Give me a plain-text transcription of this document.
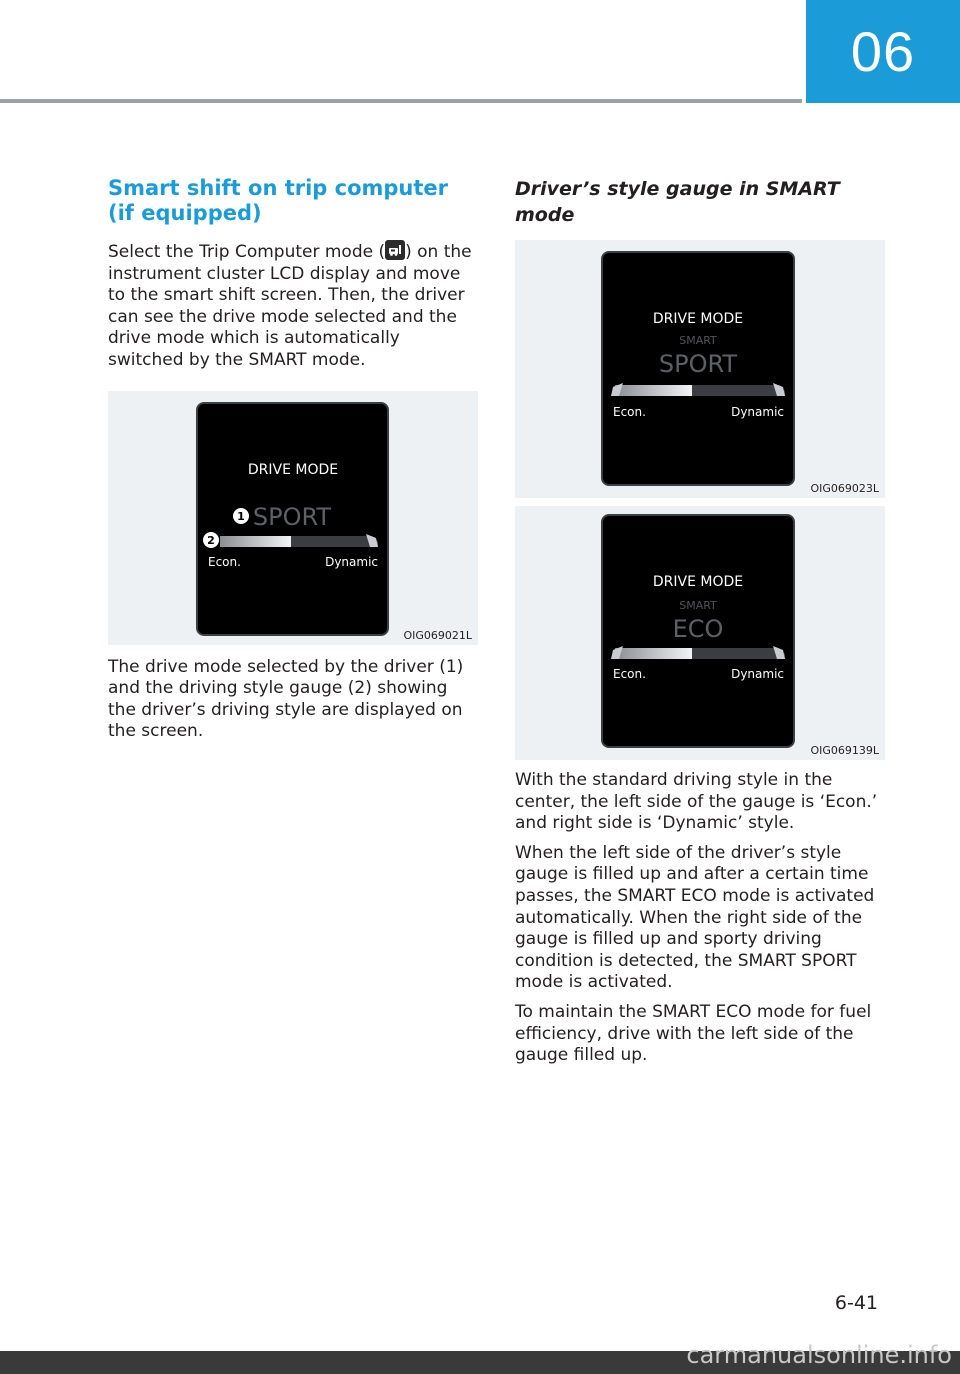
06
Smart shift on trip computer (if equipped)

Select the Trip Computer mode ( ) on the instrument cluster LCD display and move to the smart shift screen. Then, the driver can see the drive mode selected and the drive mode which is automatically switched by the SMART mode.

DRIVE MODE
1 SPORT
2
Econ.	Dynamic
OIG069021L

The drive mode selected by the driver (1) and the driving style gauge (2) showing the driver’s driving style are displayed on the screen.

Driver’s style gauge in SMART mode
DRIVE MODE
SMART
SPORT
Econ.	Dynamic
OIG069023L
DRIVE MODE
SMART
ECO
Econ.	Dynamic
OIG069139L

With the standard driving style in the center, the left side of the gauge is ‘Econ.’ and right side is ‘Dynamic’ style.

When the left side of the driver’s style gauge is filled up and after a certain time passes, the SMART ECO mode is activated automatically. When the right side of the gauge is filled up and sporty driving condition is detected, the SMART SPORT mode is activated.

To maintain the SMART ECO mode for fuel efficiency, drive with the left side of the gauge filled up.

6-41
carmanualsonline.info
